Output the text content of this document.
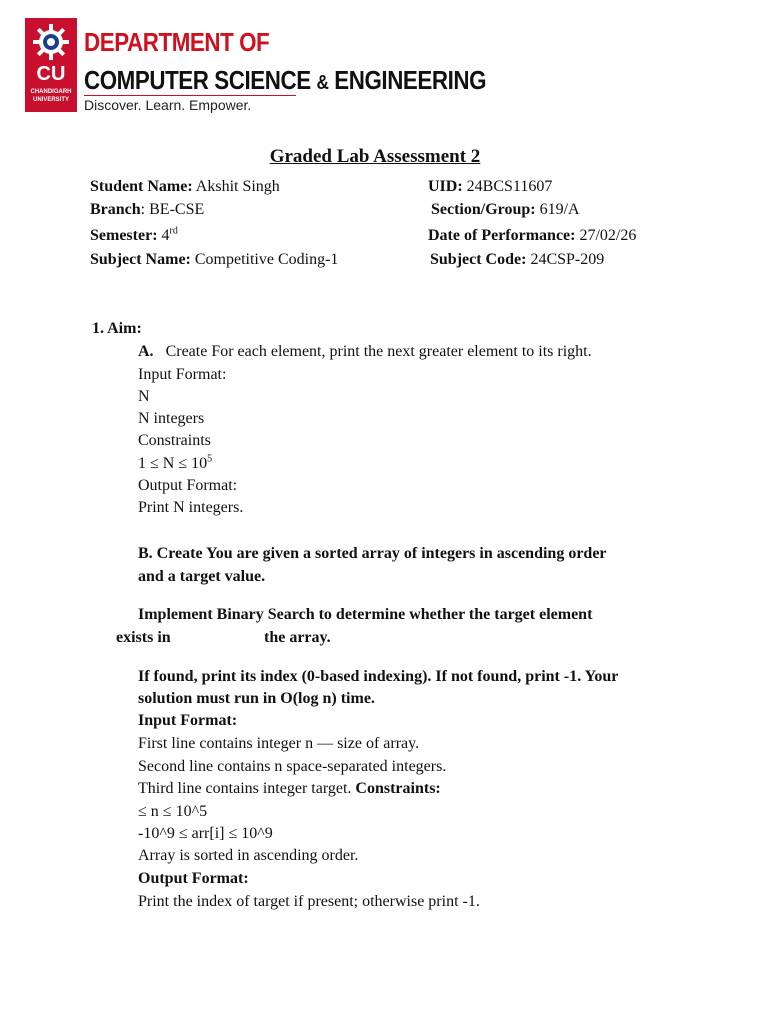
CU
CHANDIGARH UNIVERSITY
DEPARTMENT OF
COMPUTER SCIENCE & ENGINEERING
Discover. Learn. Empower.
Graded Lab Assessment 2
Student Name: Akshit Singh	UID: 24BCS11607
Branch: BE-CSE	Section/Group: 619/A
Semester: 4rd	Date of Performance: 27/02/26
Subject Name: Competitive Coding-1	Subject Code: 24CSP-209
1. Aim:
A. Create For each element, print the next greater element to its right.
Input Format:
N
N integers
Constraints
$1 \le N \le 10^5$
Output Format:
Print N integers.
B. Create You are given a sorted array of integers in ascending order
and a target value.
Implement Binary Search to determine whether the target element
exists in	the array.
If found, print its index (0-based indexing). If not found, print -1. Your
solution must run in O(log n) time.
Input Format:
First line contains integer n — size of array.
Second line contains n space-separated integers.
Third line contains integer target. Constraints:
≤ n ≤ 10^5
-10^9 ≤ arr[i] ≤ 10^9
Array is sorted in ascending order.
Output Format:
Print the index of target if present; otherwise print -1.
